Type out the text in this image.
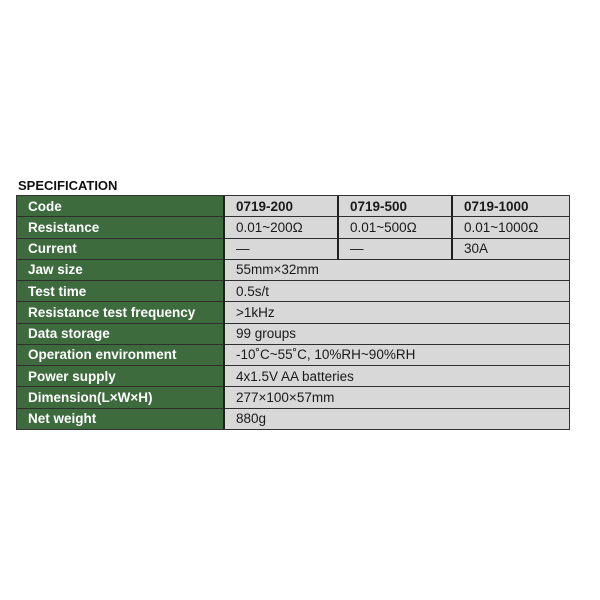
SPECIFICATION
Code	0719-200	0719-500	0719-1000
Resistance	0.01~200Ω	0.01~500Ω	0.01~1000Ω
Current	—	—	30A
Jaw size	55mm×32mm		
Test time	0.5s/t		
Resistance test frequency	>1kHz		
Data storage	99 groups		
Operation environment	-10˚C~55˚C, 10%RH~90%RH		
Power supply	4x1.5V AA batteries		
Dimension(L×W×H)	277×100×57mm		
Net weight	880g		
